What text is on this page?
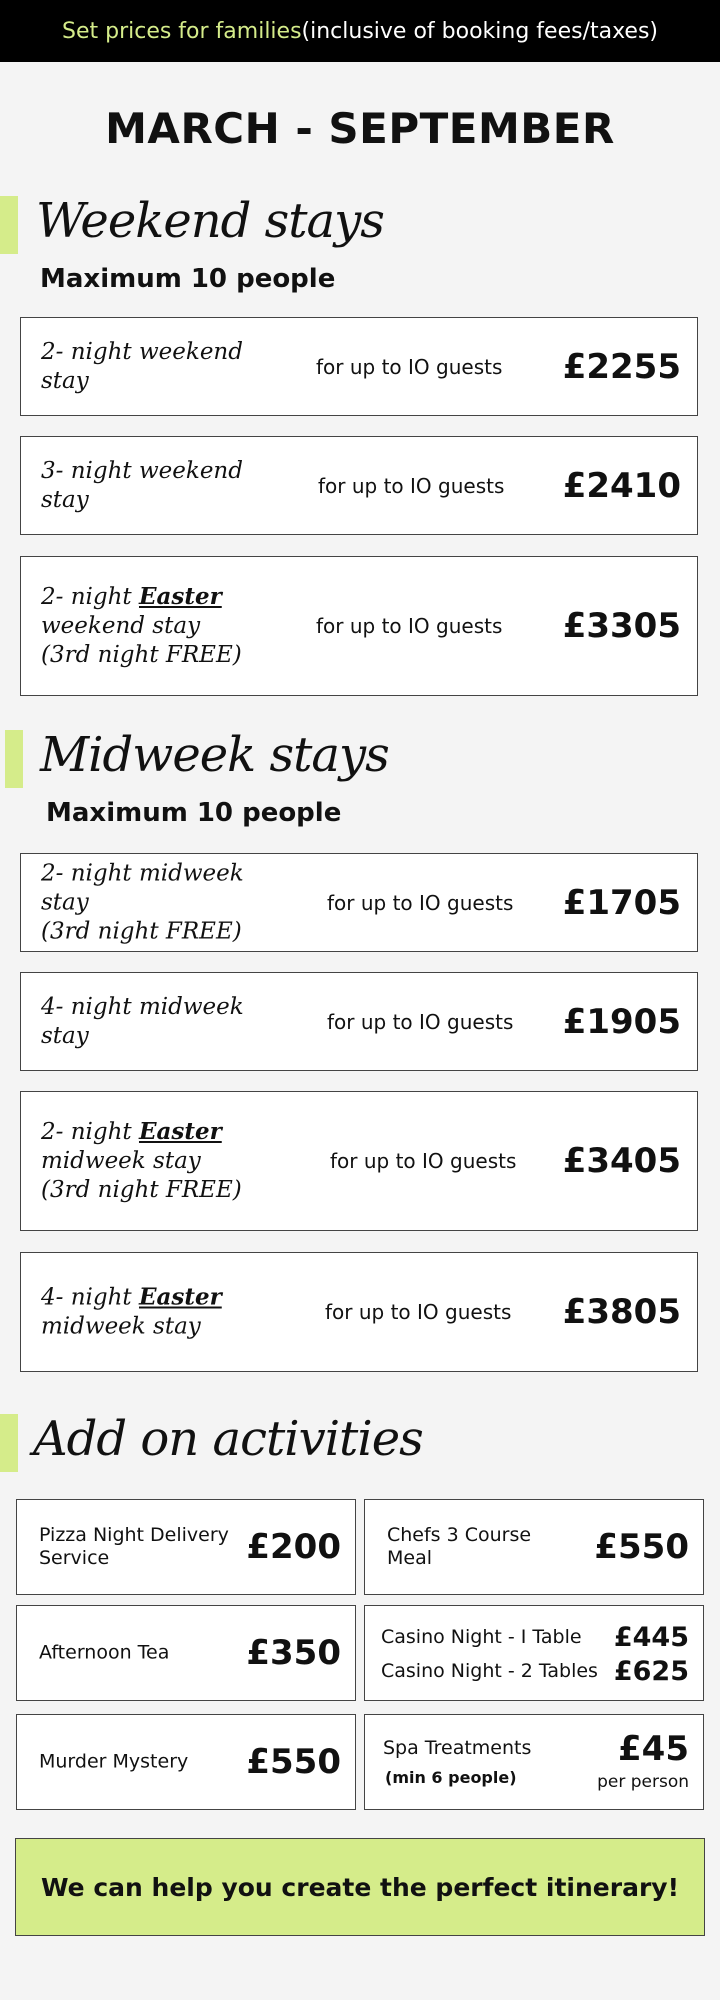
Set prices for families (inclusive of booking fees/taxes)
MARCH - SEPTEMBER
Weekend stays
Maximum 10 people
2- night weekend stay
for up to IO guests £2255
3- night weekend stay
for up to IO guests £2410
2- night Easter
weekend stay
(3rd night FREE)
for up to IO guests £3305
Midweek stays
Maximum 10 people
2- night midweek stay
(3rd night FREE)
for up to IO guests £1705
4- night midweek stay
for up to IO guests £1905
2- night Easter
midweek stay
(3rd night FREE)
for up to IO guests £3405
4- night Easter
midweek stay
for up to IO guests £3805
Add on activities
Pizza Night Delivery Service	£200 Chefs 3 Course Meal	£550
Afternoon Tea	£350 Casino Night - I Table £445
Casino Night - 2 Tables £625
Murder Mystery	£550 Spa Treatments
(min 6 people)
£45
per person
We can help you create the perfect itinerary!
